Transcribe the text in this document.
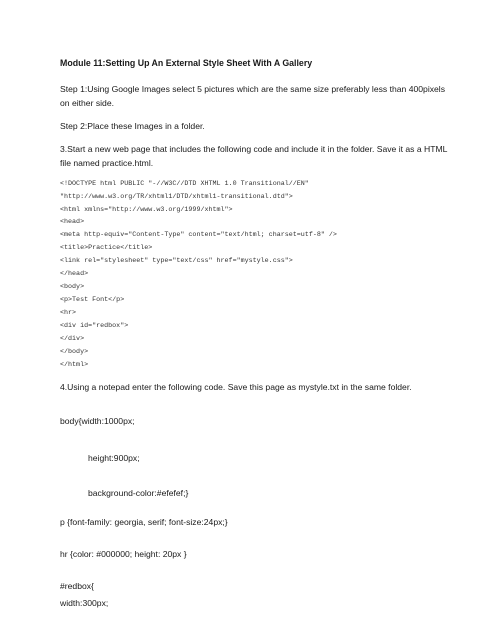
Module 11:Setting Up An External Style Sheet With A Gallery

Step 1:Using Google Images select 5 pictures which are the same size preferably less than 400pixels

on either side.

Step 2:Place these Images in a folder.

3.Start a new web page that includes the following code and include it in the folder. Save it as a HTML

file named practice.html.

<!DOCTYPE html PUBLIC "-//W3C//DTD XHTML 1.0 Transitional//EN"

"http://www.w3.org/TR/xhtml1/DTD/xhtml1-transitional.dtd">

<html xmlns="http://www.w3.org/1999/xhtml">

<head>

<meta http-equiv="Content-Type" content="text/html; charset=utf-8" />

<title>Practice</title>

<link rel="stylesheet" type="text/css" href="mystyle.css">

</head>

<body>

<p>Test Font</p>

<hr>

<div id="redbox">

</div>

</body>

</html>

4.Using a notepad enter the following code. Save this page as mystyle.txt in the same folder.

body{width:1000px;

height:900px;

background-color:#efefef;}

p {font-family: georgia, serif; font-size:24px;}

hr {color: #000000; height: 20px }

#redbox{

width:300px;
